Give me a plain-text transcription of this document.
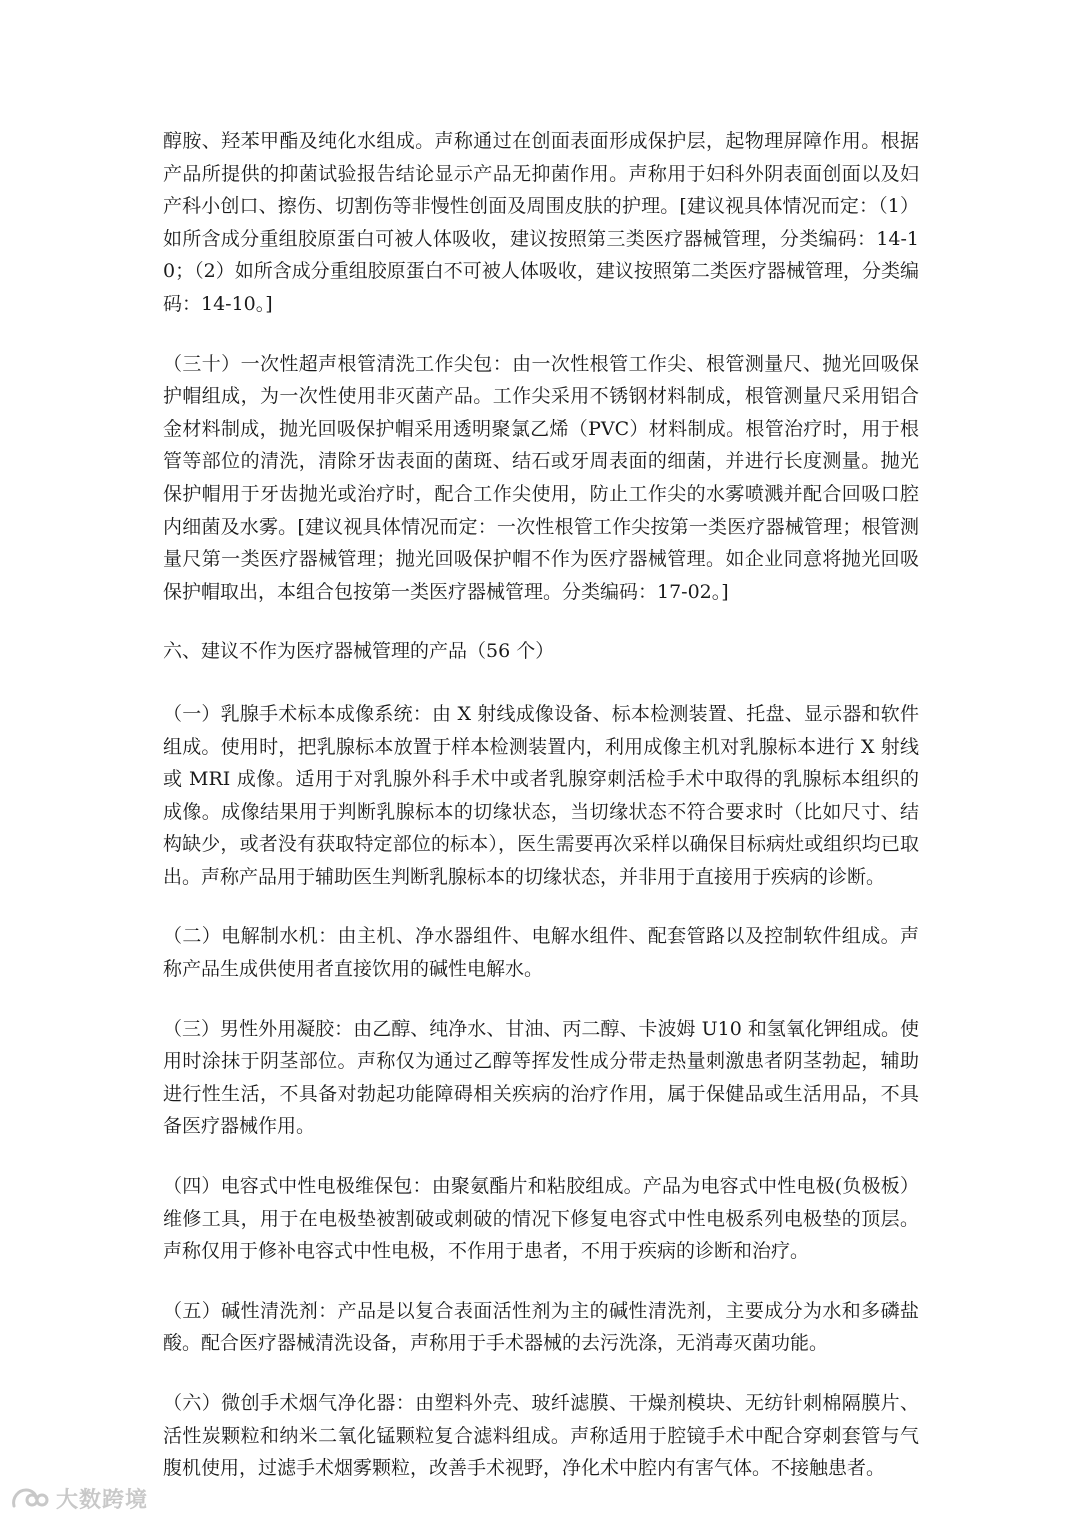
醇胺、羟苯甲酯及纯化水组成。声称通过在创面表面形成保护层，起物理屏障作用。根据产品所提供的抑菌试验报告结论显示产品无抑菌作用。声称用于妇科外阴表面创面以及妇产科小创口、擦伤、切割伤等非慢性创面及周围皮肤的护理。[建议视具体情况而定：（1）如所含成分重组胶原蛋白可被人体吸收，建议按照第三类医疗器械管理，分类编码：14-10；（2）如所含成分重组胶原蛋白不可被人体吸收，建议按照第二类医疗器械管理，分类编码：14-10。]

（三十）一次性超声根管清洗工作尖包：由一次性根管工作尖、根管测量尺、抛光回吸保护帽组成，为一次性使用非灭菌产品。工作尖采用不锈钢材料制成，根管测量尺采用铝合金材料制成，抛光回吸保护帽采用透明聚氯乙烯（PVC）材料制成。根管治疗时，用于根管等部位的清洗，清除牙齿表面的菌斑、结石或牙周表面的细菌，并进行长度测量。抛光保护帽用于牙齿抛光或治疗时，配合工作尖使用，防止工作尖的水雾喷溅并配合回吸口腔内细菌及水雾。[建议视具体情况而定：一次性根管工作尖按第一类医疗器械管理；根管测量尺第一类医疗器械管理；抛光回吸保护帽不作为医疗器械管理。如企业同意将抛光回吸保护帽取出，本组合包按第一类医疗器械管理。分类编码：17-02。]

六、建议不作为医疗器械管理的产品（56 个）

（一）乳腺手术标本成像系统：由 X 射线成像设备、标本检测装置、托盘、显示器和软件组成。使用时，把乳腺标本放置于样本检测装置内，利用成像主机对乳腺标本进行 X 射线或 MRI 成像。适用于对乳腺外科手术中或者乳腺穿刺活检手术中取得的乳腺标本组织的成像。成像结果用于判断乳腺标本的切缘状态，当切缘状态不符合要求时（比如尺寸、结构缺少，或者没有获取特定部位的标本），医生需要再次采样以确保目标病灶或组织均已取出。声称产品用于辅助医生判断乳腺标本的切缘状态，并非用于直接用于疾病的诊断。

（二）电解制水机：由主机、净水器组件、电解水组件、配套管路以及控制软件组成。声称产品生成供使用者直接饮用的碱性电解水。

（三）男性外用凝胶：由乙醇、纯净水、甘油、丙二醇、卡波姆 U10 和氢氧化钾组成。使用时涂抹于阴茎部位。声称仅为通过乙醇等挥发性成分带走热量刺激患者阴茎勃起，辅助进行性生活，不具备对勃起功能障碍相关疾病的治疗作用，属于保健品或生活用品，不具备医疗器械作用。

（四）电容式中性电极维保包：由聚氨酯片和粘胶组成。产品为电容式中性电极(负极板）维修工具，用于在电极垫被割破或刺破的情况下修复电容式中性电极系列电极垫的顶层。声称仅用于修补电容式中性电极，不作用于患者，不用于疾病的诊断和治疗。

（五）碱性清洗剂：产品是以复合表面活性剂为主的碱性清洗剂，主要成分为水和多磷盐酸。配合医疗器械清洗设备，声称用于手术器械的去污洗涤，无消毒灭菌功能。

（六）微创手术烟气净化器：由塑料外壳、玻纤滤膜、干燥剂模块、无纺针刺棉隔膜片、活性炭颗粒和纳米二氧化锰颗粒复合滤料组成。声称适用于腔镜手术中配合穿刺套管与气腹机使用，过滤手术烟雾颗粒，改善手术视野，净化术中腔内有害气体。不接触患者。

大数跨境
